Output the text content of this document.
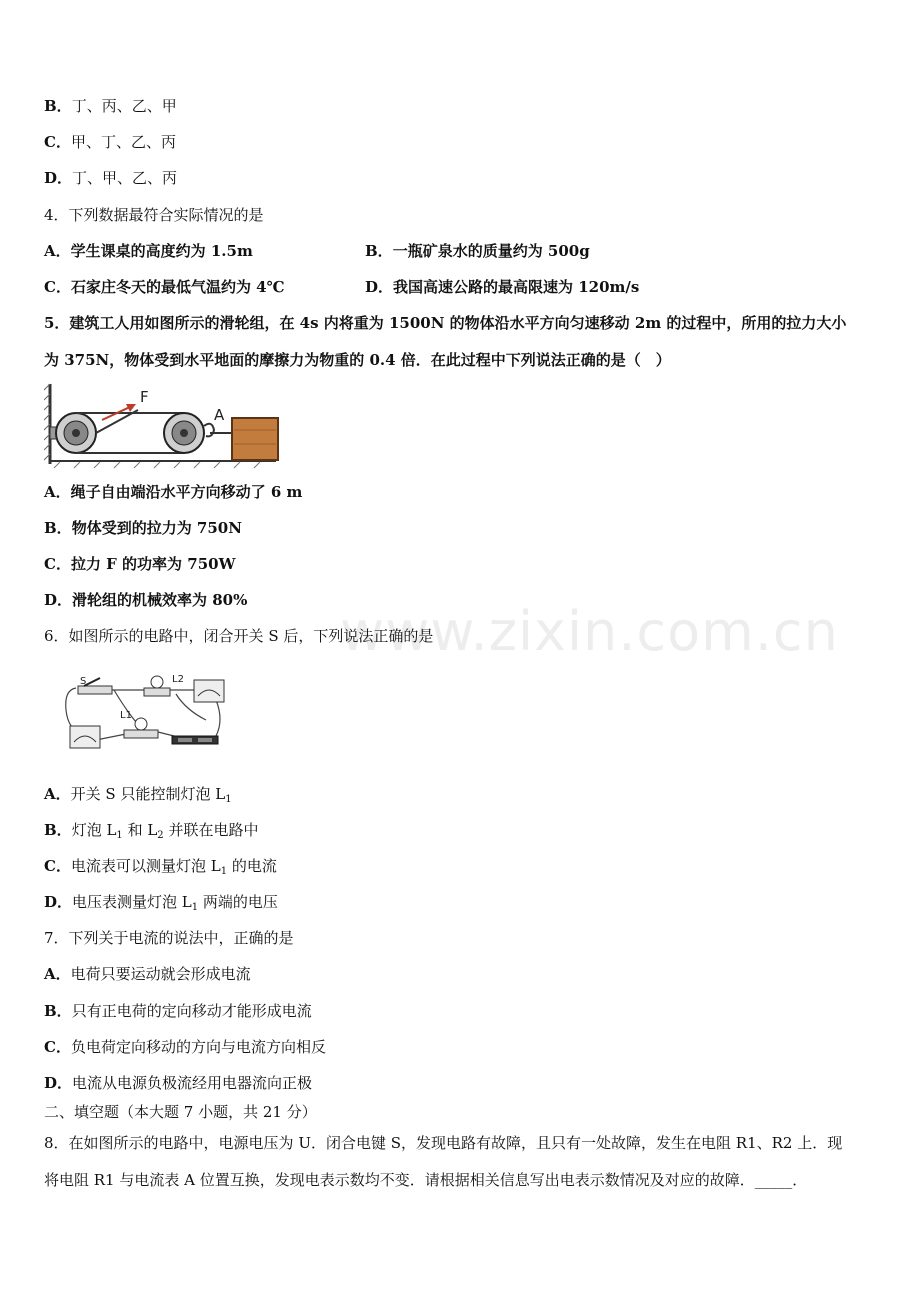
B．丁、丙、乙、甲
C．甲、丁、乙、丙
D．丁、甲、乙、丙
4．下列数据最符合实际情况的是
A．学生课桌的高度约为 1.5m	B．一瓶矿泉水的质量约为 500g
C．石家庄冬天的最低气温约为 4℃	D．我国高速公路的最高限速为 120m/s
5．建筑工人用如图所示的滑轮组，在 4s 内将重为 1500N 的物体沿水平方向匀速移动 2m 的过程中，所用的拉力大小
为 375N，物体受到水平地面的摩擦力为物重的 0.4 倍．在此过程中下列说法正确的是（　）
F
A
A．绳子自由端沿水平方向移动了 6 m
B．物体受到的拉力为 750N
C．拉力 F 的功率为 750W
D．滑轮组的机械效率为 80% www.zixin.com.cn
6．如图所示的电路中，闭合开关 S 后，下列说法正确的是
S	L2
L1
A．开关 S 只能控制灯泡 $L_1$
B．灯泡 $L_1$ 和 $L_2$ 并联在电路中
C．电流表可以测量灯泡 $L_1$ 的电流
D．电压表测量灯泡 $L_1$ 两端的电压
7．下列关于电流的说法中，正确的是
A．电荷只要运动就会形成电流
B．只有正电荷的定向移动才能形成电流
C．负电荷定向移动的方向与电流方向相反
D．电流从电源负极流经用电器流向正极
二、填空题（本大题 7 小题，共 21 分）
8．在如图所示的电路中，电源电压为 U．闭合电键 S，发现电路有故障，且只有一处故障，发生在电阻 R1、R2 上．现
将电阻 R1 与电流表 A 位置互换，发现电表示数均不变．请根据相关信息写出电表示数情况及对应的故障．_____．
